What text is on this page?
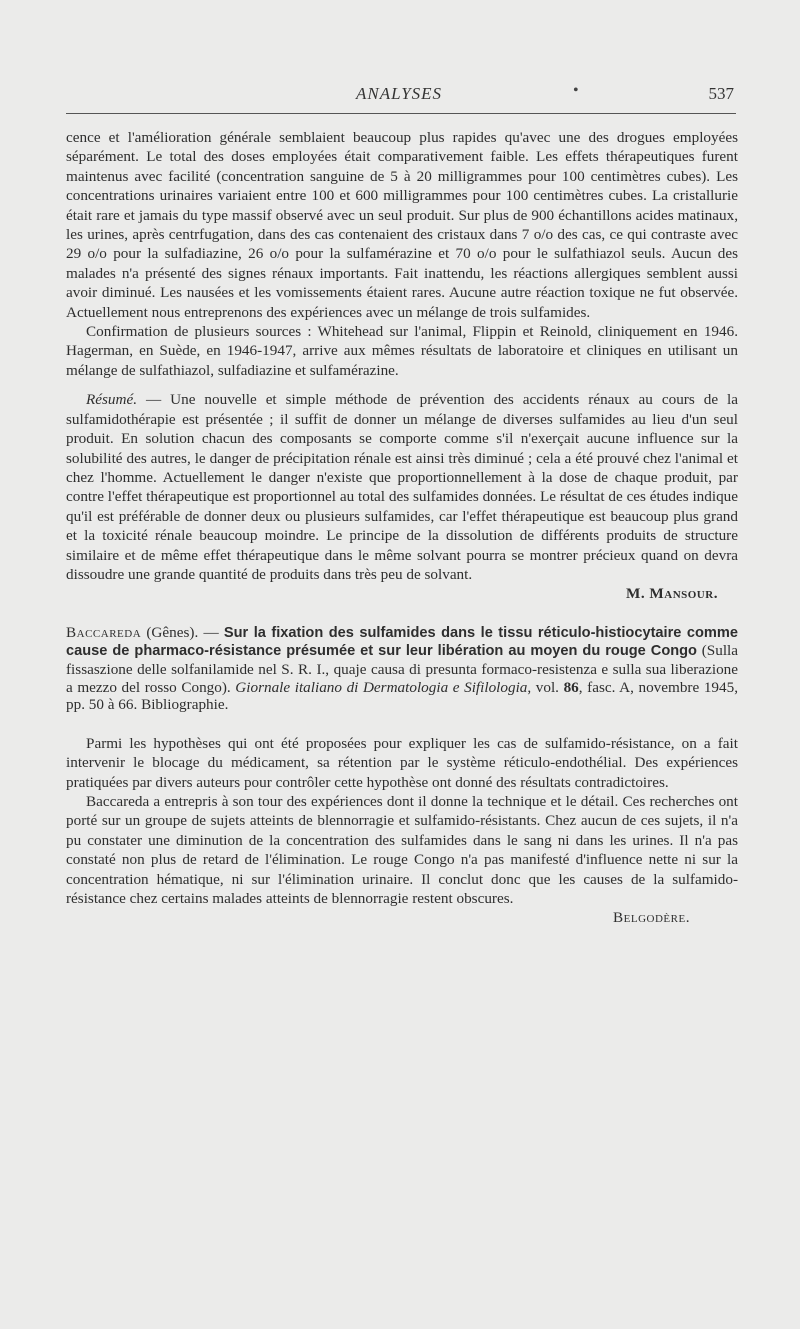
ANALYSES	•	537

cence et l'amélioration générale semblaient beaucoup plus rapides qu'avec une des drogues employées séparément. Le total des doses employées était comparativement faible. Les effets thérapeutiques furent maintenus avec facilité (concentration sanguine de 5 à 20 milligrammes pour 100 centimètres cubes). Les concentrations urinaires variaient entre 100 et 600 milligrammes pour 100 centimètres cubes. La cristallurie était rare et jamais du type massif observé avec un seul produit. Sur plus de 900 échantillons acides matinaux, les urines, après centrfugation, dans des cas contenaient des cristaux dans 7 o/o des cas, ce qui contraste avec 29 o/o pour la sulfadiazine, 26 o/o pour la sulfamérazine et 70 o/o pour le sulfathiazol seuls. Aucun des malades n'a présenté des signes rénaux importants. Fait inattendu, les réactions allergiques semblent aussi avoir diminué. Les nausées et les vomissements étaient rares. Aucune autre réaction toxique ne fut observée. Actuellement nous entreprenons des expériences avec un mélange de trois sulfamides.

Confirmation de plusieurs sources : Whitehead sur l'animal, Flippin et Reinold, cliniquement en 1946. Hagerman, en Suède, en 1946-1947, arrive aux mêmes résultats de laboratoire et cliniques en utilisant un mélange de sulfathiazol, sulfadiazine et sulfamérazine.

Résumé. — Une nouvelle et simple méthode de prévention des accidents rénaux au cours de la sulfamidothérapie est présentée ; il suffit de donner un mélange de diverses sulfamides au lieu d'un seul produit. En solution chacun des composants se comporte comme s'il n'exerçait aucune influence sur la solubilité des autres, le danger de précipitation rénale est ainsi très diminué ; cela a été prouvé chez l'animal et chez l'homme. Actuellement le danger n'existe que proportionnellement à la dose de chaque produit, par contre l'effet thérapeutique est proportionnel au total des sulfamides données. Le résultat de ces études indique qu'il est préférable de donner deux ou plusieurs sulfamides, car l'effet thérapeutique est beaucoup plus grand et la toxicité rénale beaucoup moindre. Le principe de la dissolution de différents produits de structure similaire et de même effet thérapeutique dans le même solvant pourra se montrer précieux quand on devra dissoudre une grande quantité de produits dans très peu de solvant.

M. Mansour.

Baccareda (Gênes). — Sur la fixation des sulfamides dans le tissu réticulo-histiocytaire comme cause de pharmaco-résistance présumée et sur leur libération au moyen du rouge Congo (Sulla fissaszione delle solfanilamide nel S. R. I., quaje causa di presunta formaco-resistenza e sulla sua liberazione a mezzo del rosso Congo). Giornale italiano di Dermatologia e Sifilologia, vol. 86, fasc. A, novembre 1945, pp. 50 à 66. Bibliographie.

Parmi les hypothèses qui ont été proposées pour expliquer les cas de sulfamido-résistance, on a fait intervenir le blocage du médicament, sa rétention par le système réticulo-endothélial. Des expériences pratiquées par divers auteurs pour contrôler cette hypothèse ont donné des résultats contradictoires.

Baccareda a entrepris à son tour des expériences dont il donne la technique et le détail. Ces recherches ont porté sur un groupe de sujets atteints de blennorragie et sulfamido-résistants. Chez aucun de ces sujets, il n'a pu constater une diminution de la concentration des sulfamides dans le sang ni dans les urines. Il n'a pas constaté non plus de retard de l'élimination. Le rouge Congo n'a pas manifesté d'influence nette ni sur la concentration hématique, ni sur l'élimination urinaire. Il conclut donc que les causes de la sulfamido-résistance chez certains malades atteints de blennorragie restent obscures.

Belgodère.
